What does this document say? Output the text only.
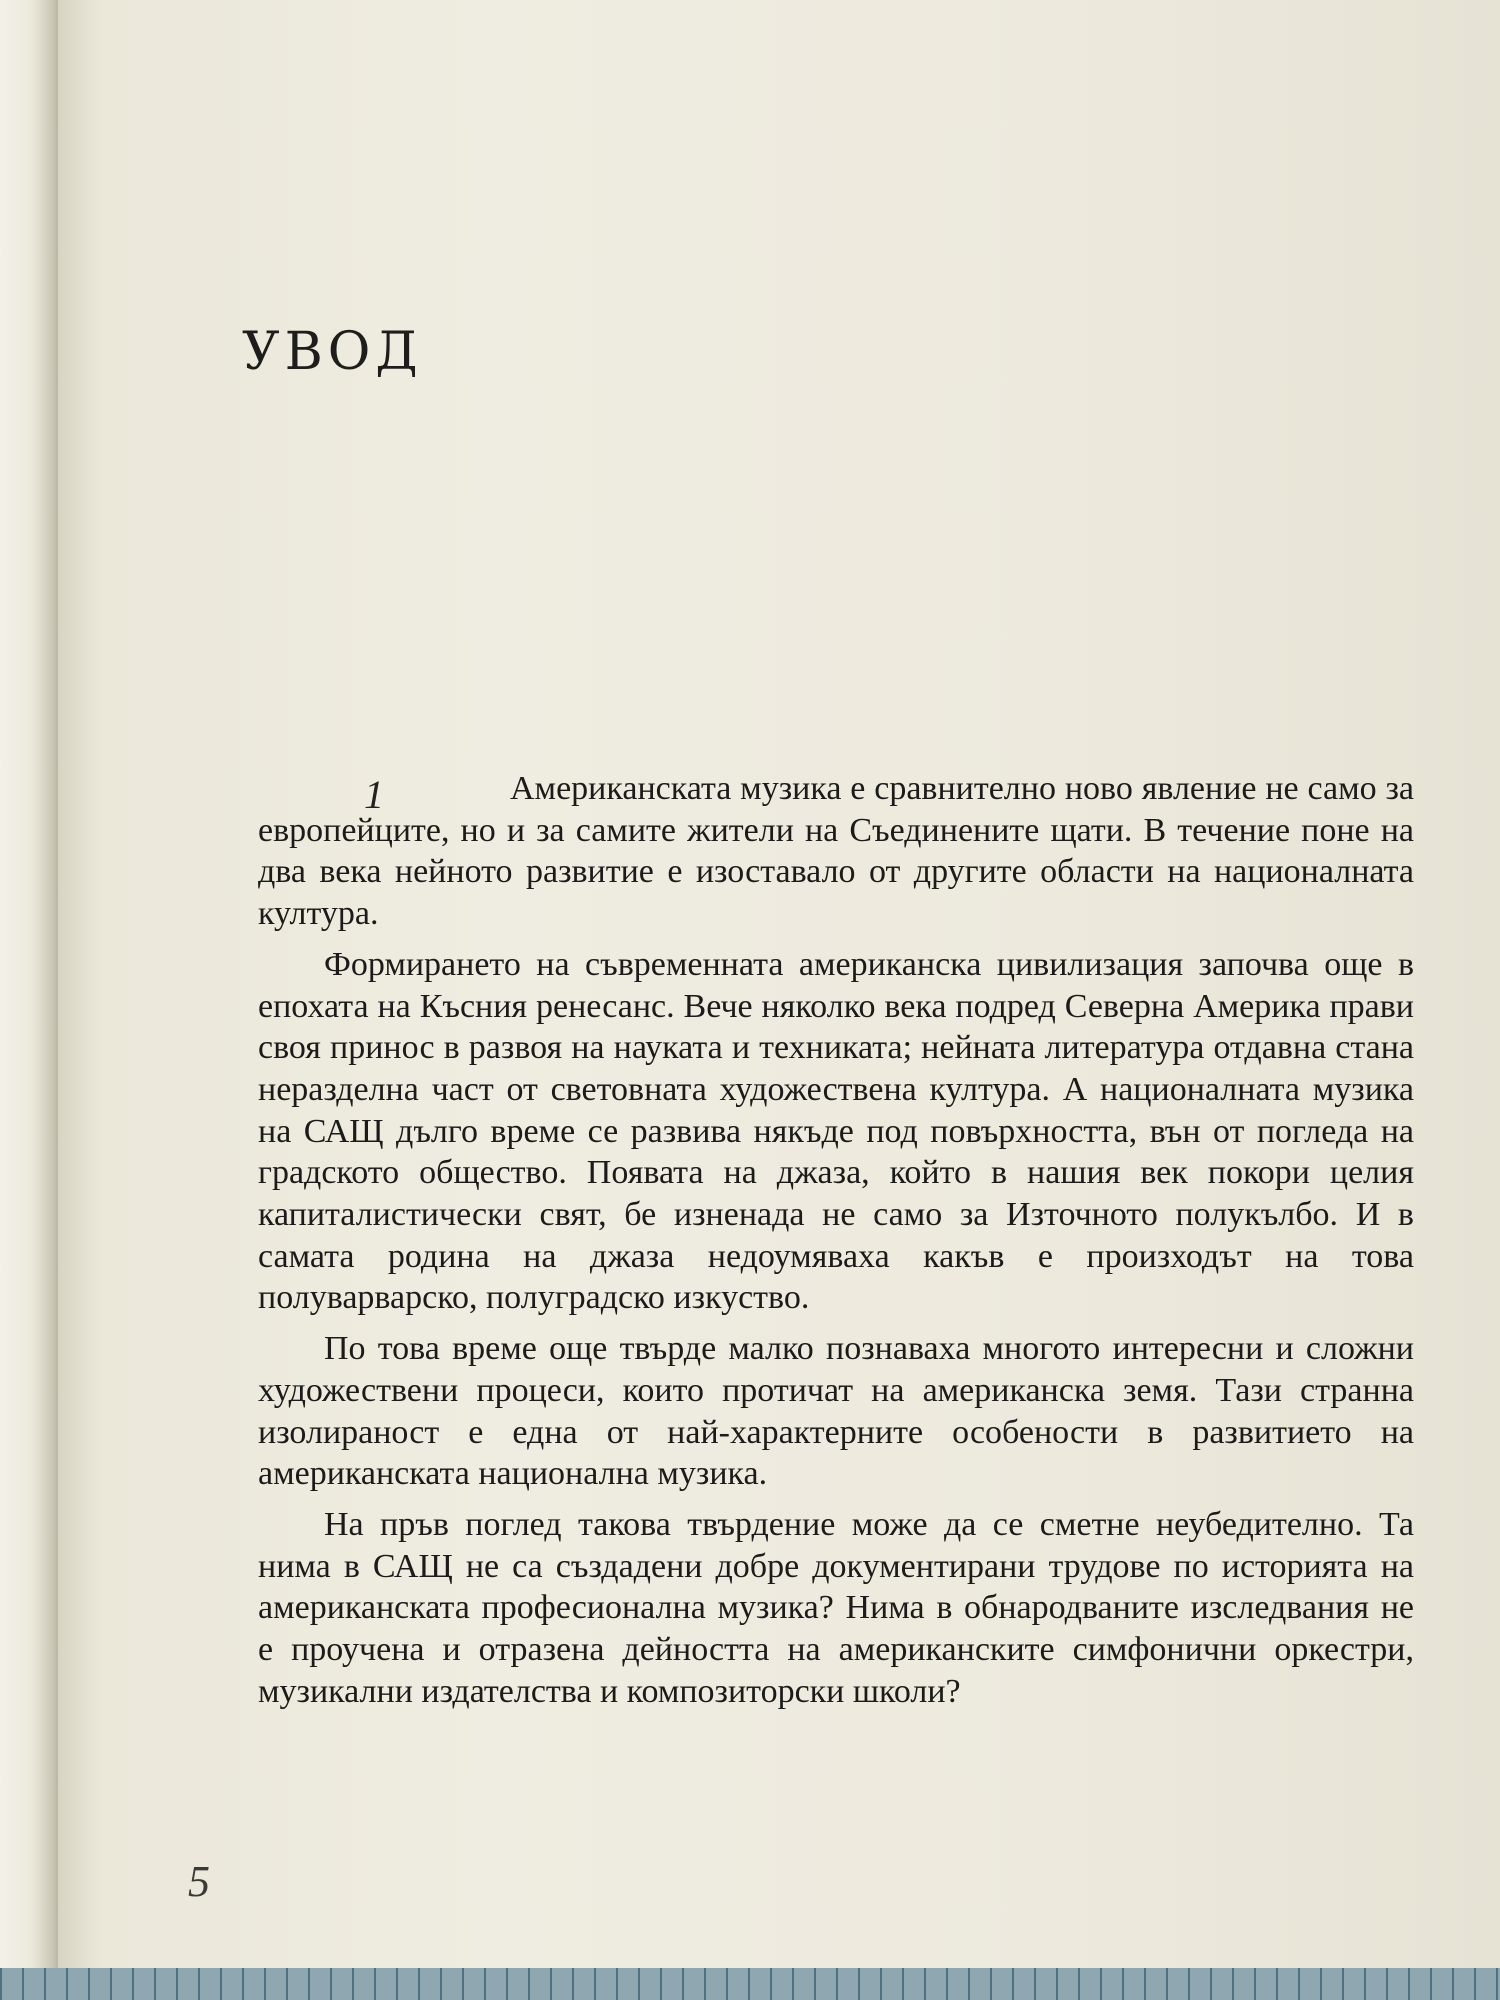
УВОД
1	Американската музика е сравнително ново явление не само за европейците, но и за самите жители на Съединените щати. В течение поне на два века нейното развитие е изоставало от другите области на националната култура.

Формирането на съвременната американска цивилизация започва още в епохата на Късния ренесанс. Вече няколко века подред Северна Америка прави своя принос в развоя на науката и техниката; нейната литература отдавна стана неразделна част от световната художествена култура. А националната музика на САЩ дълго време се развива някъде под повърхността, вън от погледа на градското общество. Появата на джаза, който в нашия век покори целия капиталистически свят, бе изненада не само за Източното полукълбо. И в самата родина на джаза недоумяваха какъв е произходът на това полуварварско, полуградско изкуство.

По това време още твърде малко познаваха многото интересни и сложни художествени процеси, които протичат на американска земя. Тази странна изолираност е една от най-характерните особености в развитието на американската национална музика.

На пръв поглед такова твърдение може да се сметне неубедително. Та нима в САЩ не са създадени добре документирани трудове по историята на американската професионална музика? Нима в обнародваните изследвания не е проучена и отразена дейността на американските симфонични оркестри, музикални издателства и композиторски школи?

5
